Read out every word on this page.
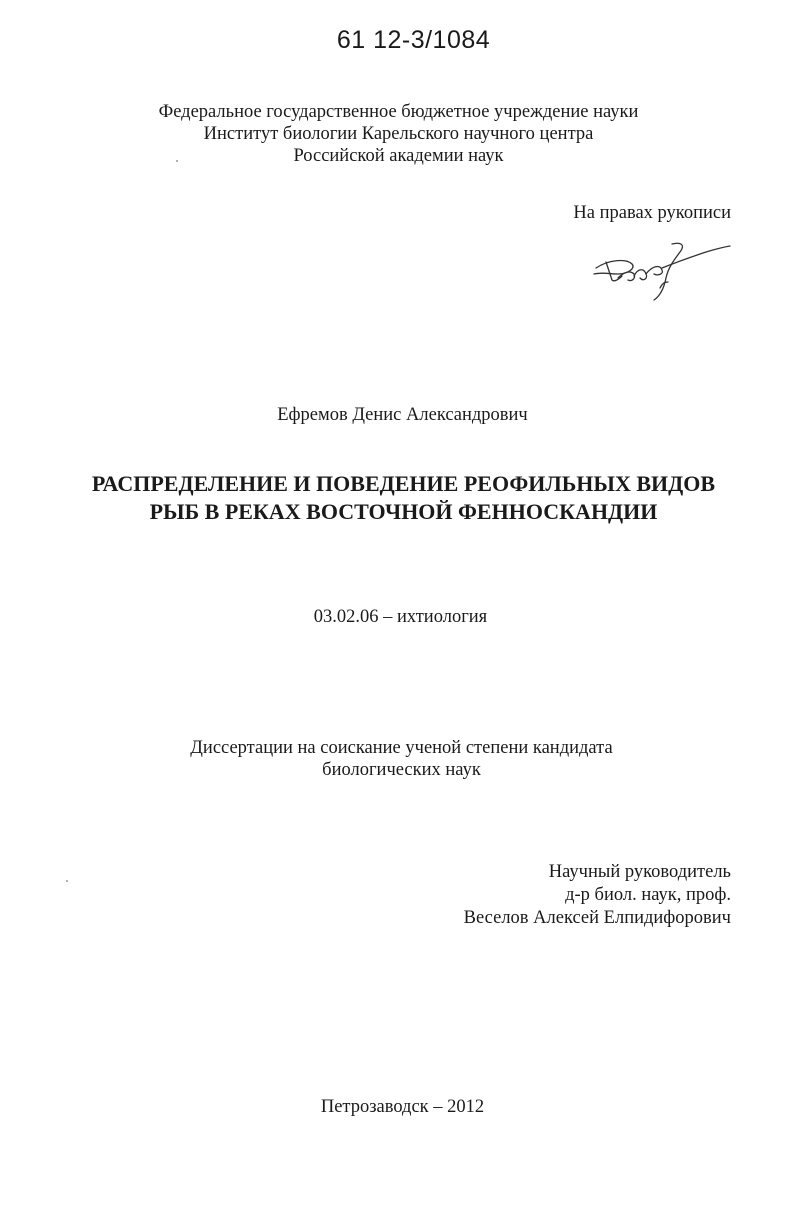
61 12-3/1084
Федеральное государственное бюджетное учреждение науки
Институт биологии Карельского научного центра
Российской академии наук
На правах рукописи
Ефремов Денис Александрович
РАСПРЕДЕЛЕНИЕ И ПОВЕДЕНИЕ РЕОФИЛЬНЫХ ВИДОВ
РЫБ В РЕКАХ ВОСТОЧНОЙ ФЕННОСКАНДИИ
03.02.06 – ихтиология
Диссертации на соискание ученой степени кандидата
биологических наук
Научный руководитель
д-р биол. наук, проф.
Веселов Алексей Елпидифорович
Петрозаводск – 2012
